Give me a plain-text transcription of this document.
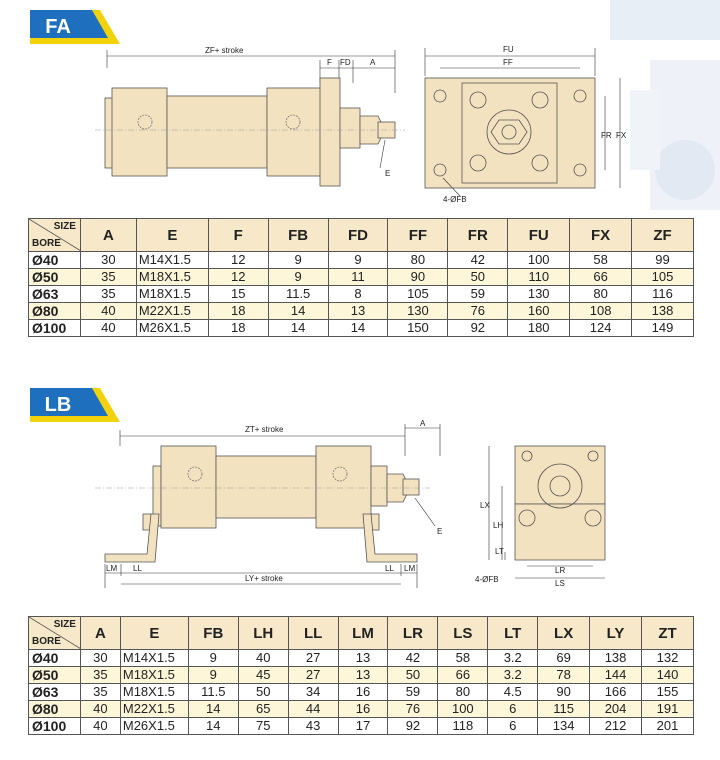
FA
ZF+ stroke
F FD A
E
FU
FF
FR FX
4-ØFB
SIZE
BORE	A	E	F	FB	FD	FF	FR	FU	FX	ZF
Ø40	30	M14X1.5	12	9	9	80	42	100	58	99
Ø50	35	M18X1.5	12	9	11	90	50	110	66	105
Ø63	35	M18X1.5	15	11.5	8	105	59	130	80	116
Ø80	40	M22X1.5	18	14	13	130	76	160	108	138
Ø100	40	M26X1.5	18	14	14	150	92	180	124	149
LB
ZT+ stroke
A
E
LM LL	LL LM
LY+ stroke
LX
LH
LT
LR
LS
4-ØFB
SIZE
BORE	A	E	FB	LH	LL	LM	LR	LS	LT	LX	LY	ZT
Ø40	30	M14X1.5	9	40	27	13	42	58	3.2	69	138	132
Ø50	35	M18X1.5	9	45	27	13	50	66	3.2	78	144	140
Ø63	35	M18X1.5	11.5	50	34	16	59	80	4.5	90	166	155
Ø80	40	M22X1.5	14	65	44	16	76	100	6	115	204	191
Ø100	40	M26X1.5	14	75	43	17	92	118	6	134	212	201
